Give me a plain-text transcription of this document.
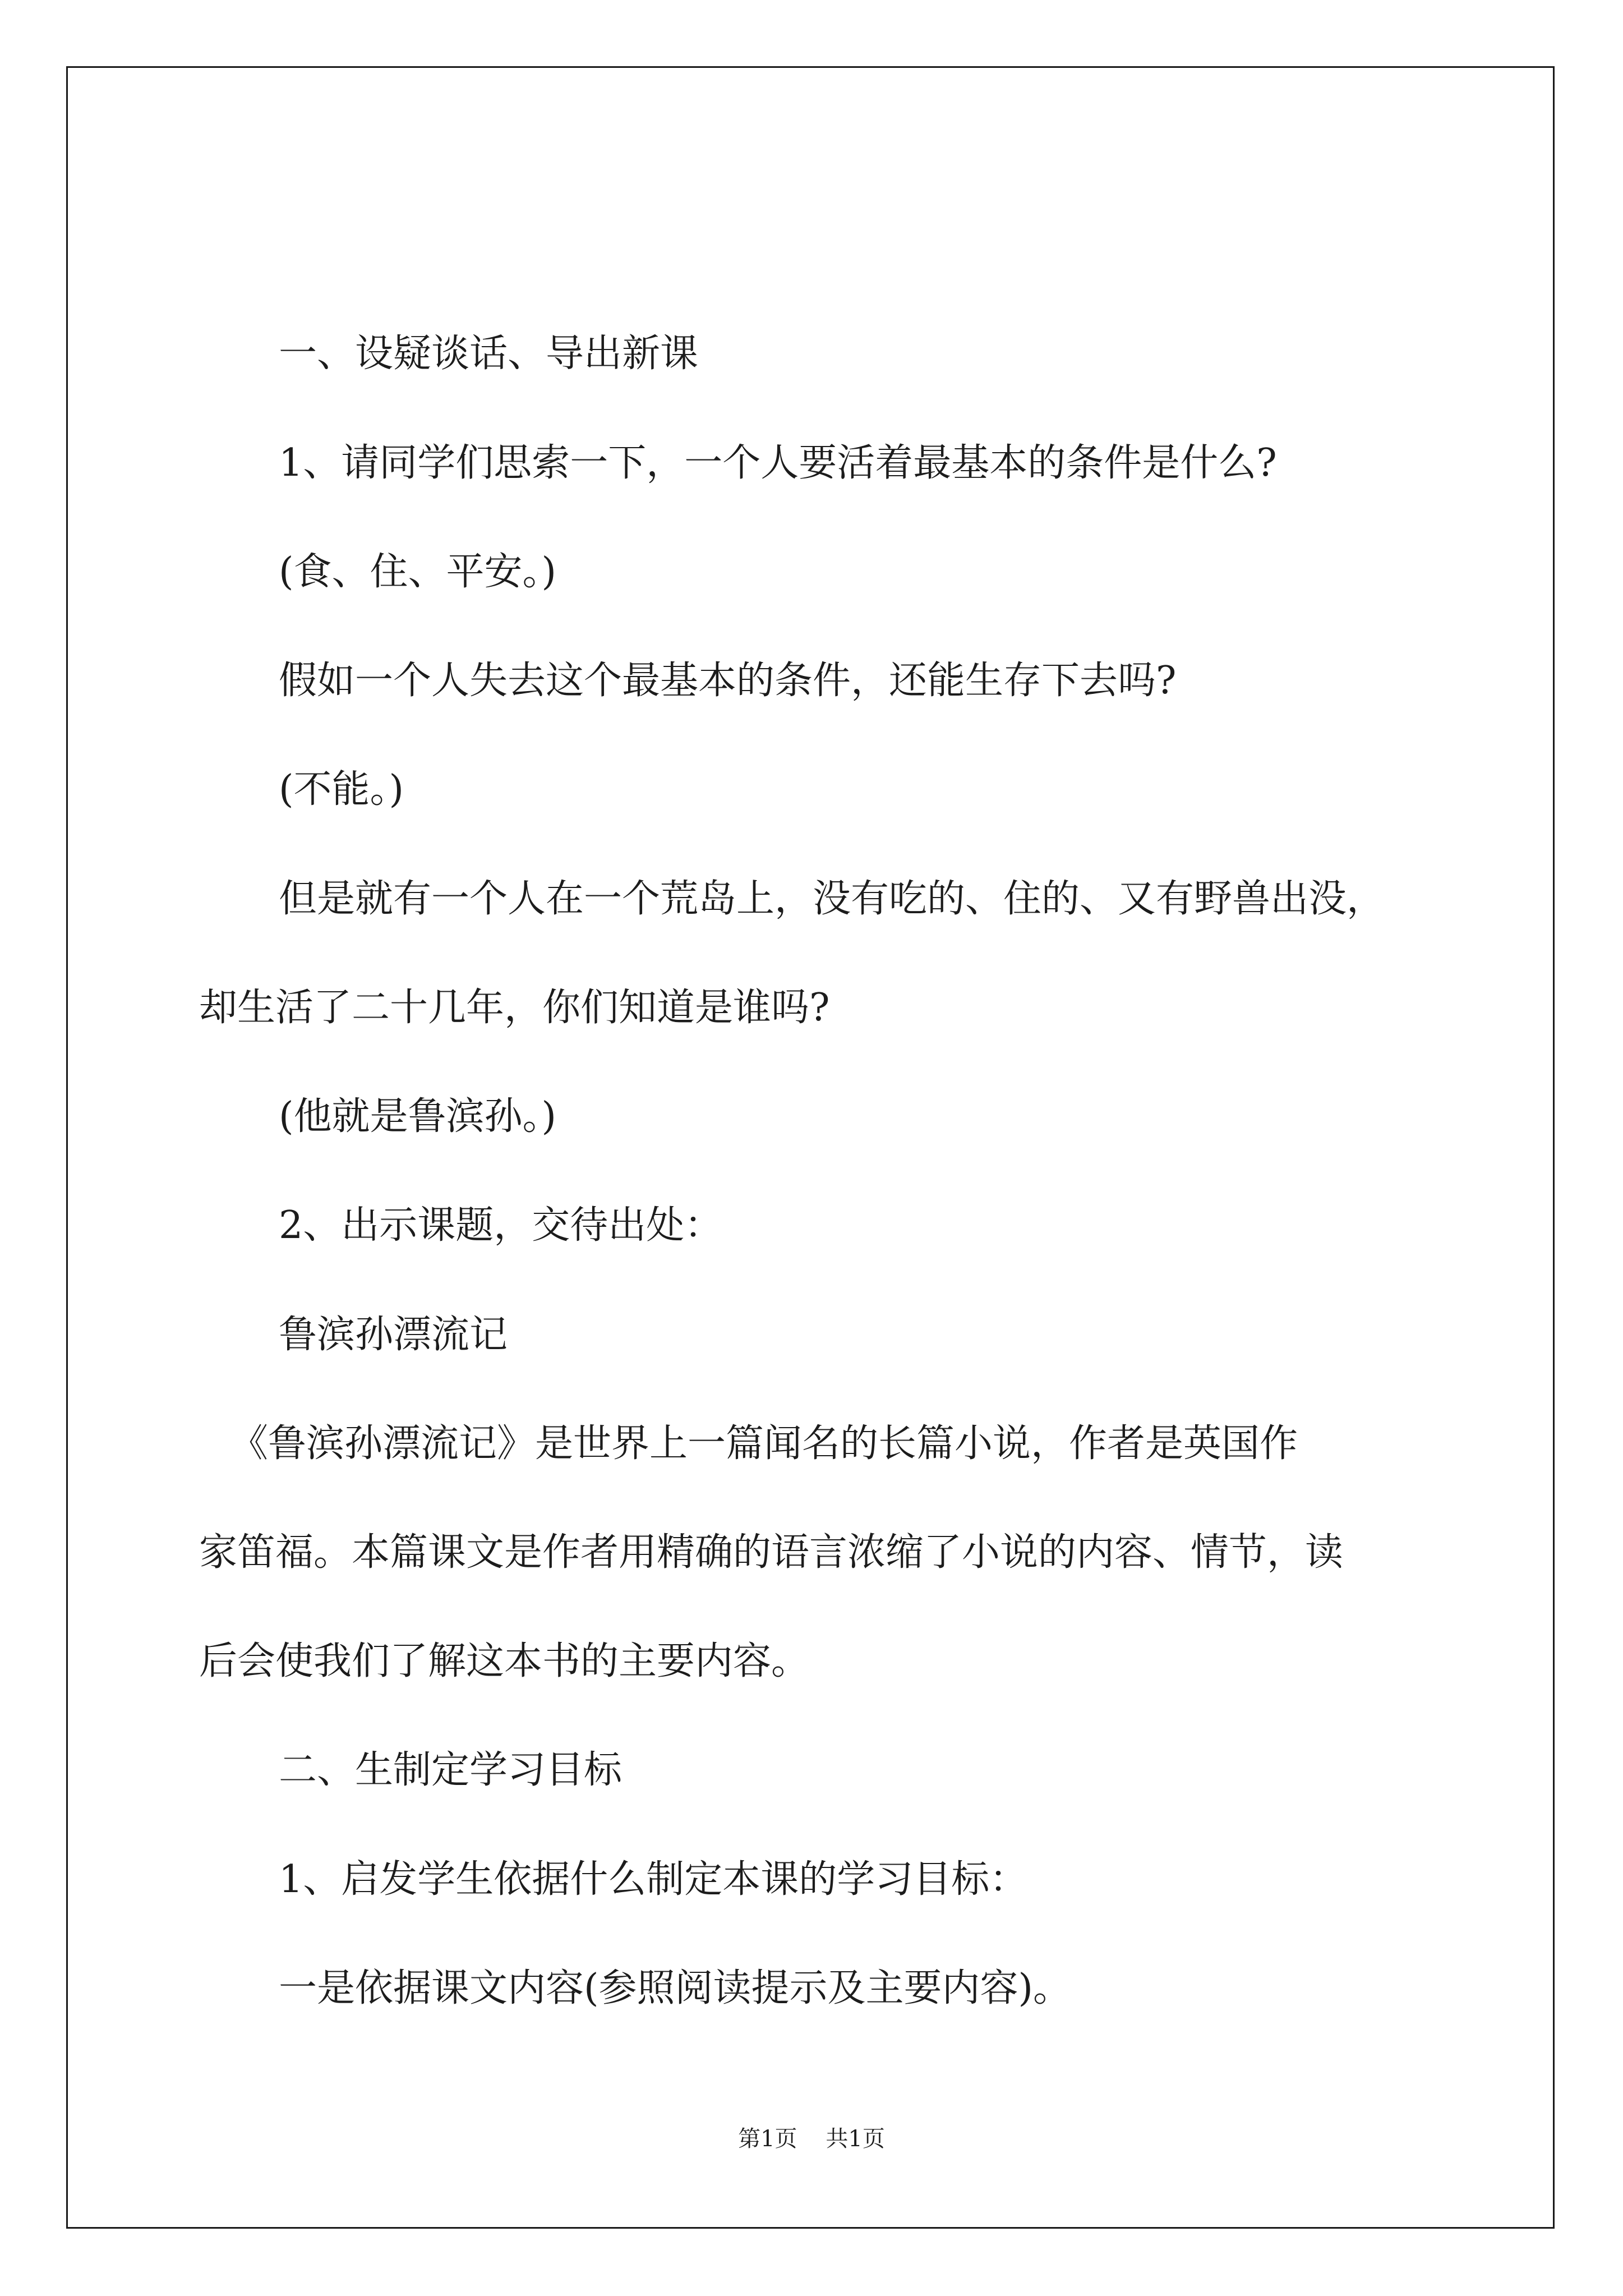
一、设疑谈话、导出新课
1、请同学们思索一下，一个人要活着最基本的条件是什么?
(食、住、平安。)
假如一个人失去这个最基本的条件，还能生存下去吗?
(不能。)
但是就有一个人在一个荒岛上，没有吃的、住的、又有野兽出没，
却生活了二十几年，你们知道是谁吗?
(他就是鲁滨孙。)
2、出示课题，交待出处：
鲁滨孙漂流记
《鲁滨孙漂流记》是世界上一篇闻名的长篇小说，作者是英国作
家笛福。本篇课文是作者用精确的语言浓缩了小说的内容、情节，读
后会使我们了解这本书的主要内容。
二、生制定学习目标
1、启发学生依据什么制定本课的学习目标：
一是依据课文内容(参照阅读提示及主要内容)。
第1页 共1页
